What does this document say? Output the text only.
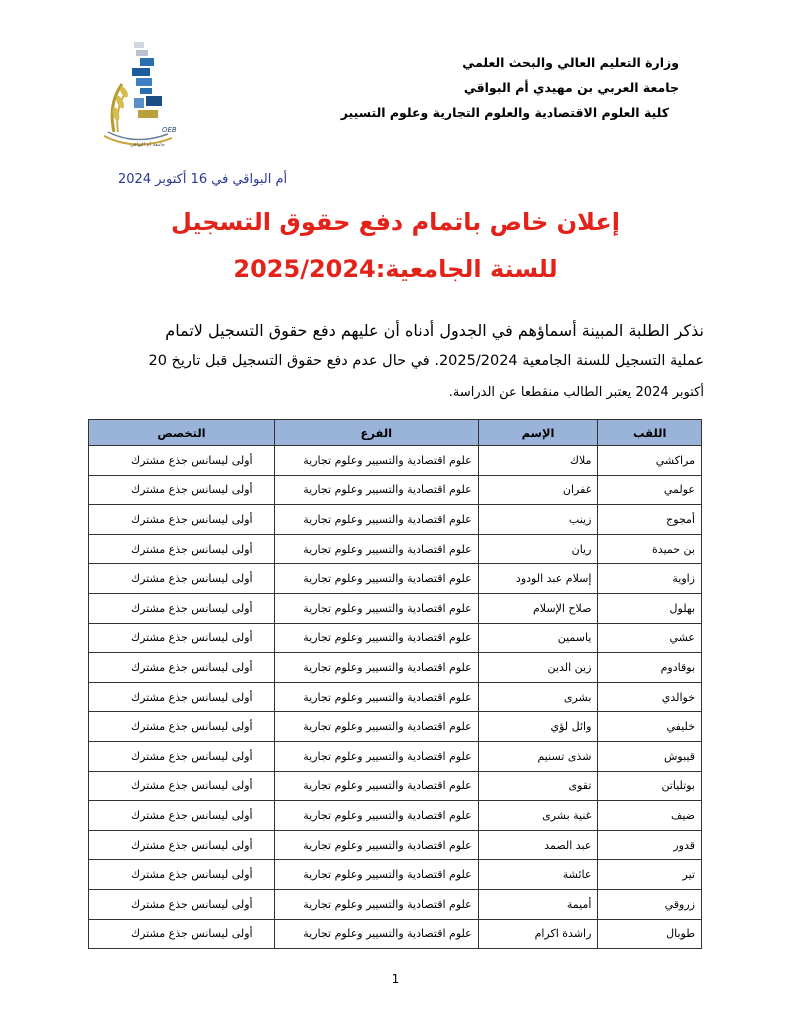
وزارة التعليم العالي والبحث العلمي
جامعة العربي بن مهيدي أم البواقي
كلية العلوم الاقتصادية والعلوم التجارية وعلوم التسيير
OEB
جامعة أم البواقي
أم البواقي في 16 أكتوبر 2024
إعلان خاص باتمام دفع حقوق التسجيل
للسنة الجامعية:2025/2024
نذكر الطلبة المبينة أسماؤهم في الجدول أدناه أن عليهم دفع حقوق التسجيل لاتمام
عملية التسجيل للسنة الجامعية 2025/2024. في حال عدم دفع حقوق التسجيل قبل تاريخ 20
أكتوبر 2024 يعتبر الطالب منقطعا عن الدراسة.
اللقب	الإسم	الفرع	التخصص
مراكشي	ملاك	علوم اقتصادية والتسيير وعلوم تجارية	أولى ليسانس جذع مشترك
عولمي	غفران	علوم اقتصادية والتسيير وعلوم تجارية	أولى ليسانس جذع مشترك
أمجوج	زينب	علوم اقتصادية والتسيير وعلوم تجارية	أولى ليسانس جذع مشترك
بن حميدة	ريان	علوم اقتصادية والتسيير وعلوم تجارية	أولى ليسانس جذع مشترك
زاوية	إسلام عبد الودود	علوم اقتصادية والتسيير وعلوم تجارية	أولى ليسانس جذع مشترك
بهلول	صلاح الإسلام	علوم اقتصادية والتسيير وعلوم تجارية	أولى ليسانس جذع مشترك
عشي	ياسمين	علوم اقتصادية والتسيير وعلوم تجارية	أولى ليسانس جذع مشترك
بوقادوم	زين الدين	علوم اقتصادية والتسيير وعلوم تجارية	أولى ليسانس جذع مشترك
خوالدي	بشرى	علوم اقتصادية والتسيير وعلوم تجارية	أولى ليسانس جذع مشترك
خليفي	وائل لؤي	علوم اقتصادية والتسيير وعلوم تجارية	أولى ليسانس جذع مشترك
قيبوش	شذى تسنيم	علوم اقتصادية والتسيير وعلوم تجارية	أولى ليسانس جذع مشترك
بوتلياتن	تقوى	علوم اقتصادية والتسيير وعلوم تجارية	أولى ليسانس جذع مشترك
ضيف	غنية بشرى	علوم اقتصادية والتسيير وعلوم تجارية	أولى ليسانس جذع مشترك
قدور	عبد الصمد	علوم اقتصادية والتسيير وعلوم تجارية	أولى ليسانس جذع مشترك
تير	عائشة	علوم اقتصادية والتسيير وعلوم تجارية	أولى ليسانس جذع مشترك
زروقي	أميمة	علوم اقتصادية والتسيير وعلوم تجارية	أولى ليسانس جذع مشترك
طوبال	راشدة اكرام	علوم اقتصادية والتسيير وعلوم تجارية	أولى ليسانس جذع مشترك
1
